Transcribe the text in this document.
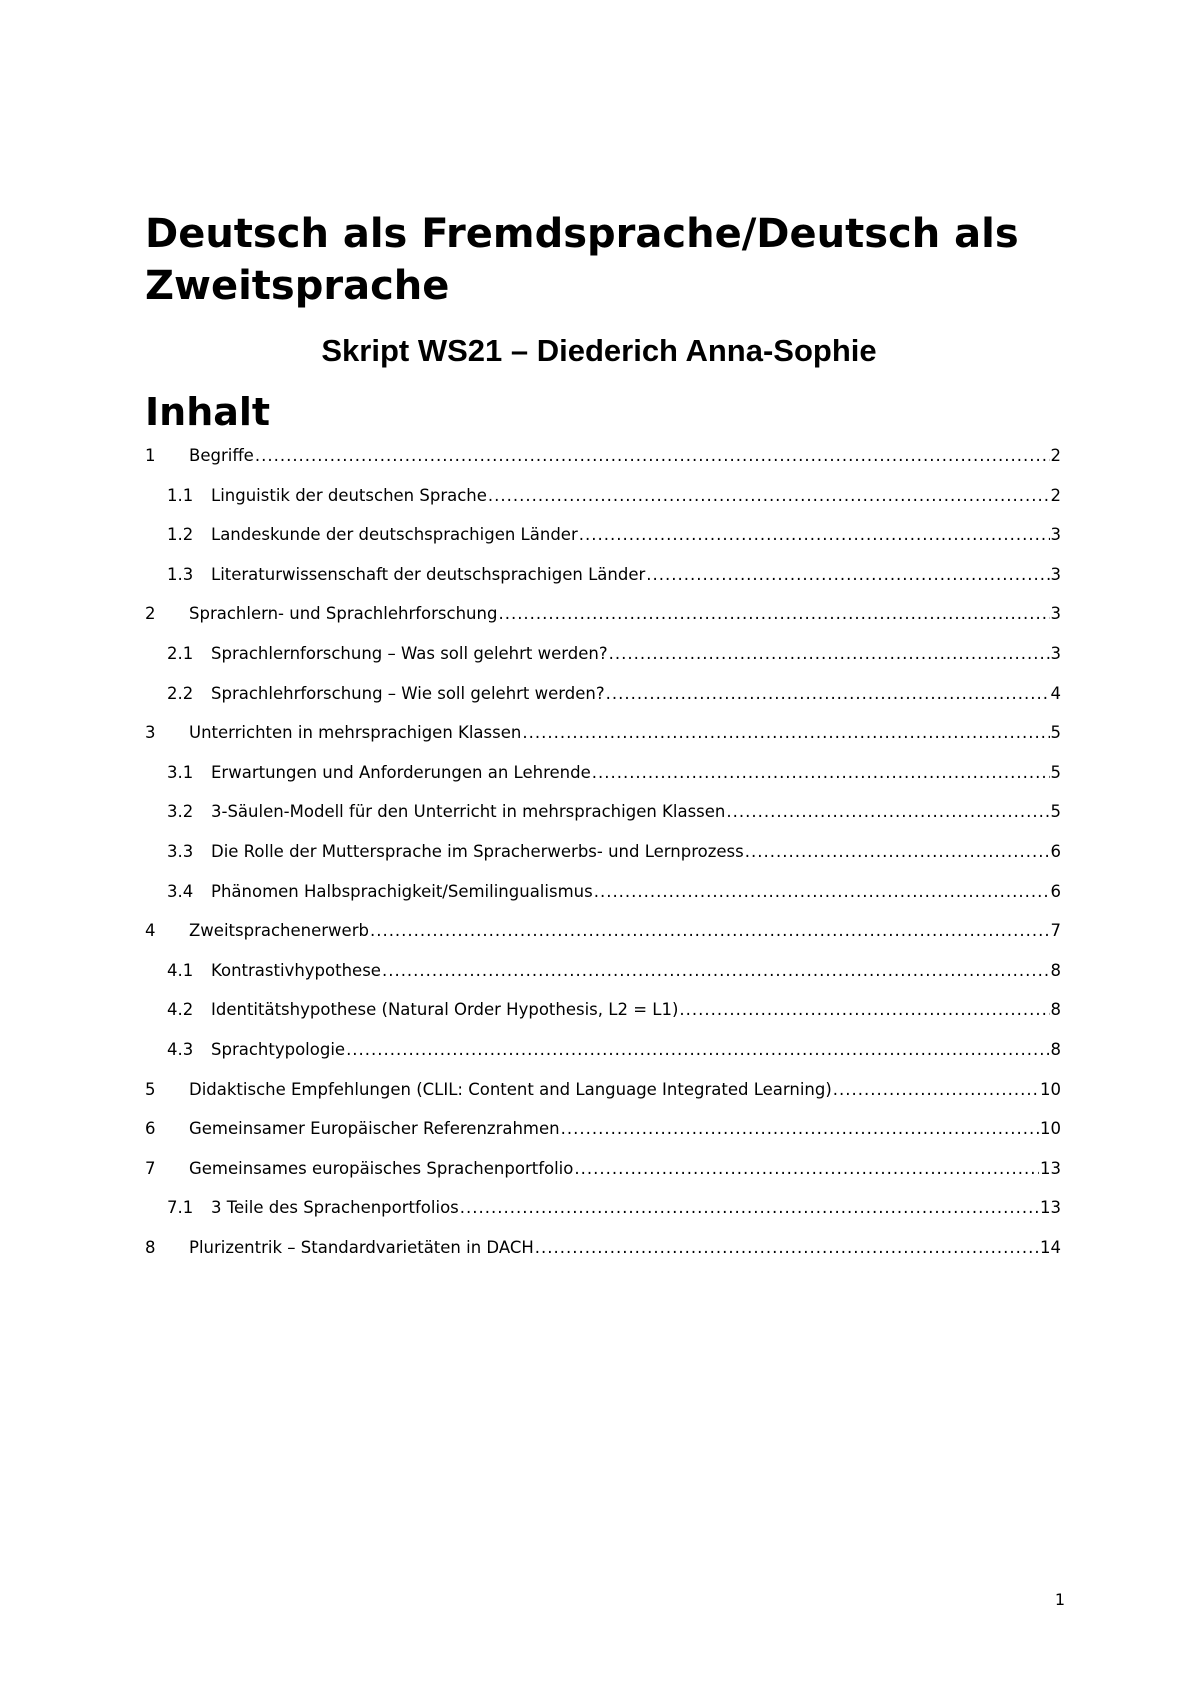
Deutsch als Fremdsprache/Deutsch als Zweitsprache
Skript WS21 – Diederich Anna-Sophie
Inhalt
1	Begriffe .....	2
1.1	Linguistik der deutschen Sprache .....	2
1.2	Landeskunde der deutschsprachigen Länder .....	3
1.3	Literaturwissenschaft der deutschsprachigen Länder .....	3
2	Sprachlern- und Sprachlehrforschung .....	3
2.1	Sprachlernforschung – Was soll gelehrt werden? .....	3
2.2	Sprachlehrforschung – Wie soll gelehrt werden? .....	4
3	Unterrichten in mehrsprachigen Klassen .....	5
3.1	Erwartungen und Anforderungen an Lehrende .....	5
3.2	3-Säulen-Modell für den Unterricht in mehrsprachigen Klassen .....	5
3.3	Die Rolle der Muttersprache im Spracherwerbs- und Lernprozess .....	6
3.4	Phänomen Halbsprachigkeit/Semilingualismus .....	6
4	Zweitsprachenerwerb .....	7
4.1	Kontrastivhypothese .....	8
4.2	Identitätshypothese (Natural Order Hypothesis, L2 = L1) .....	8
4.3	Sprachtypologie .....	8
5	Didaktische Empfehlungen (CLIL: Content and Language Integrated Learning) .....	10
6	Gemeinsamer Europäischer Referenzrahmen .....	10
7	Gemeinsames europäisches Sprachenportfolio .....	13
7.1	3 Teile des Sprachenportfolios .....	13
8	Plurizentrik – Standardvarietäten in DACH .....	14
1
